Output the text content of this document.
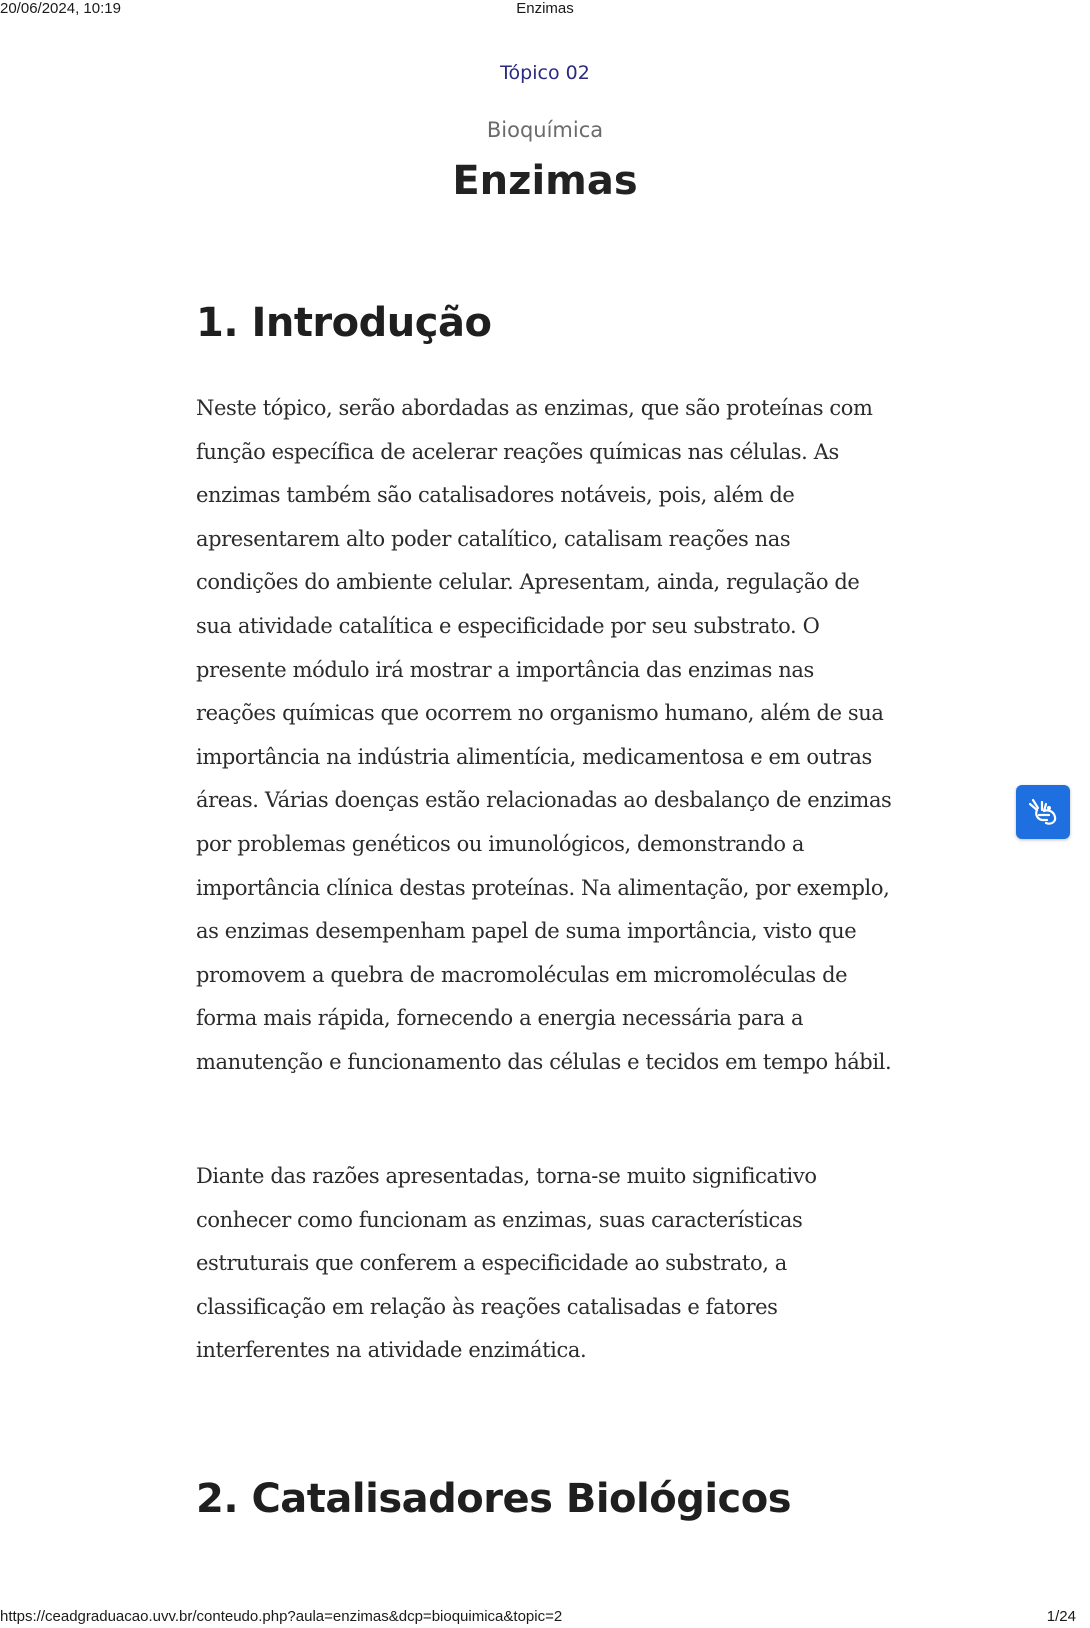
20/06/2024, 10:19	Enzimas
Tópico 02
Bioquímica
Enzimas
1. Introdução

Neste tópico, serão abordadas as enzimas, que são proteínas com função específica de acelerar reações químicas nas células. As enzimas também são catalisadores notáveis, pois, além de apresentarem alto poder catalítico, catalisam reações nas condições do ambiente celular. Apresentam, ainda, regulação de sua atividade catalítica e especificidade por seu substrato. O presente módulo irá mostrar a importância das enzimas nas reações químicas que ocorrem no organismo humano, além de sua importância na indústria alimentícia, medicamentosa e em outras áreas. Várias doenças estão relacionadas ao desbalanço de enzimas por problemas genéticos ou imunológicos, demonstrando a importância clínica destas proteínas. Na alimentação, por exemplo, as enzimas desempenham papel de suma importância, visto que promovem a quebra de macromoléculas em micromoléculas de forma mais rápida, fornecendo a energia necessária para a manutenção e funcionamento das células e tecidos em tempo hábil.

Diante das razões apresentadas, torna-se muito significativo conhecer como funcionam as enzimas, suas características estruturais que conferem a especificidade ao substrato, a classificação em relação às reações catalisadas e fatores interferentes na atividade enzimática.

2. Catalisadores Biológicos
https://ceadgraduacao.uvv.br/conteudo.php?aula=enzimas&dcp=bioquimica&topic=2	1/24
